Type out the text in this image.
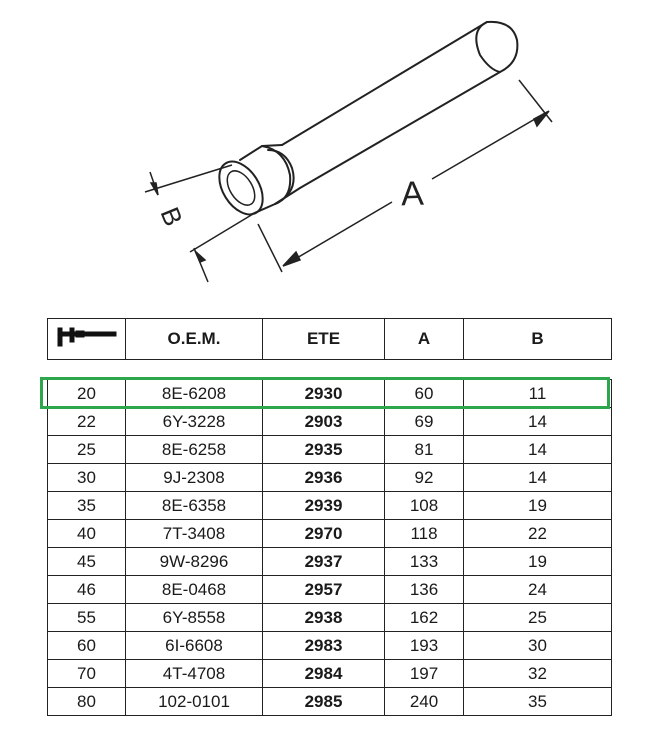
A
B
	O.E.M.	ETE	A	B

20	8E-6208	2930	60	11
22	6Y-3228	2903	69	14
25	8E-6258	2935	81	14
30	9J-2308	2936	92	14
35	8E-6358	2939	108	19
40	7T-3408	2970	118	22
45	9W-8296	2937	133	19
46	8E-0468	2957	136	24
55	6Y-8558	2938	162	25
60	6I-6608	2983	193	30
70	4T-4708	2984	197	32
80	102-0101	2985	240	35
